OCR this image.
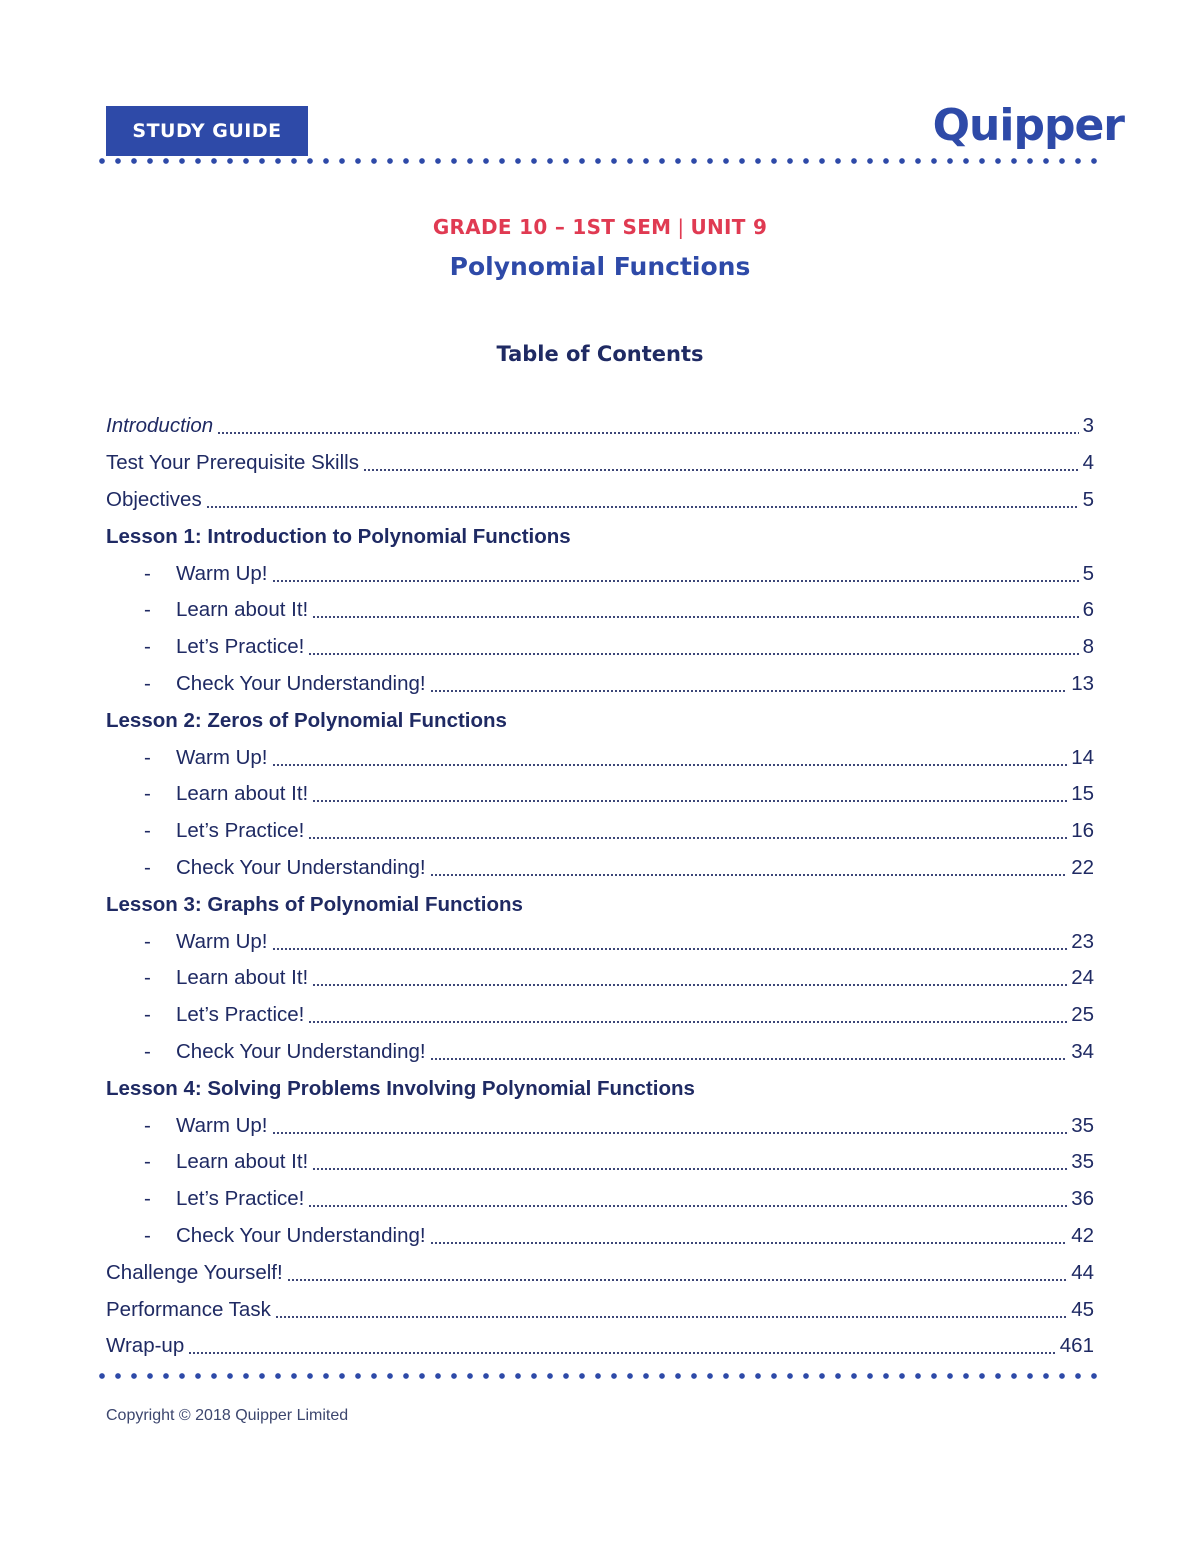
STUDY GUIDE	Quipper
GRADE 10 – 1ST SEM | UNIT 9
Polynomial Functions
Table of Contents
Introduction	3
Test Your Prerequisite Skills	4
Objectives	5
Lesson 1: Introduction to Polynomial Functions
-	Warm Up!	5
-	Learn about It!	6
-	Let’s Practice!	8
-	Check Your Understanding!	13
Lesson 2: Zeros of Polynomial Functions
-	Warm Up!	14
-	Learn about It!	15
-	Let’s Practice!	16
-	Check Your Understanding!	22
Lesson 3: Graphs of Polynomial Functions
-	Warm Up!	23
-	Learn about It!	24
-	Let’s Practice!	25
-	Check Your Understanding!	34
Lesson 4: Solving Problems Involving Polynomial Functions
-	Warm Up!	35
-	Learn about It!	35
-	Let’s Practice!	36
-	Check Your Understanding!	42
Challenge Yourself!	44
Performance Task	45
Wrap-up	461
Copyright © 2018 Quipper Limited
